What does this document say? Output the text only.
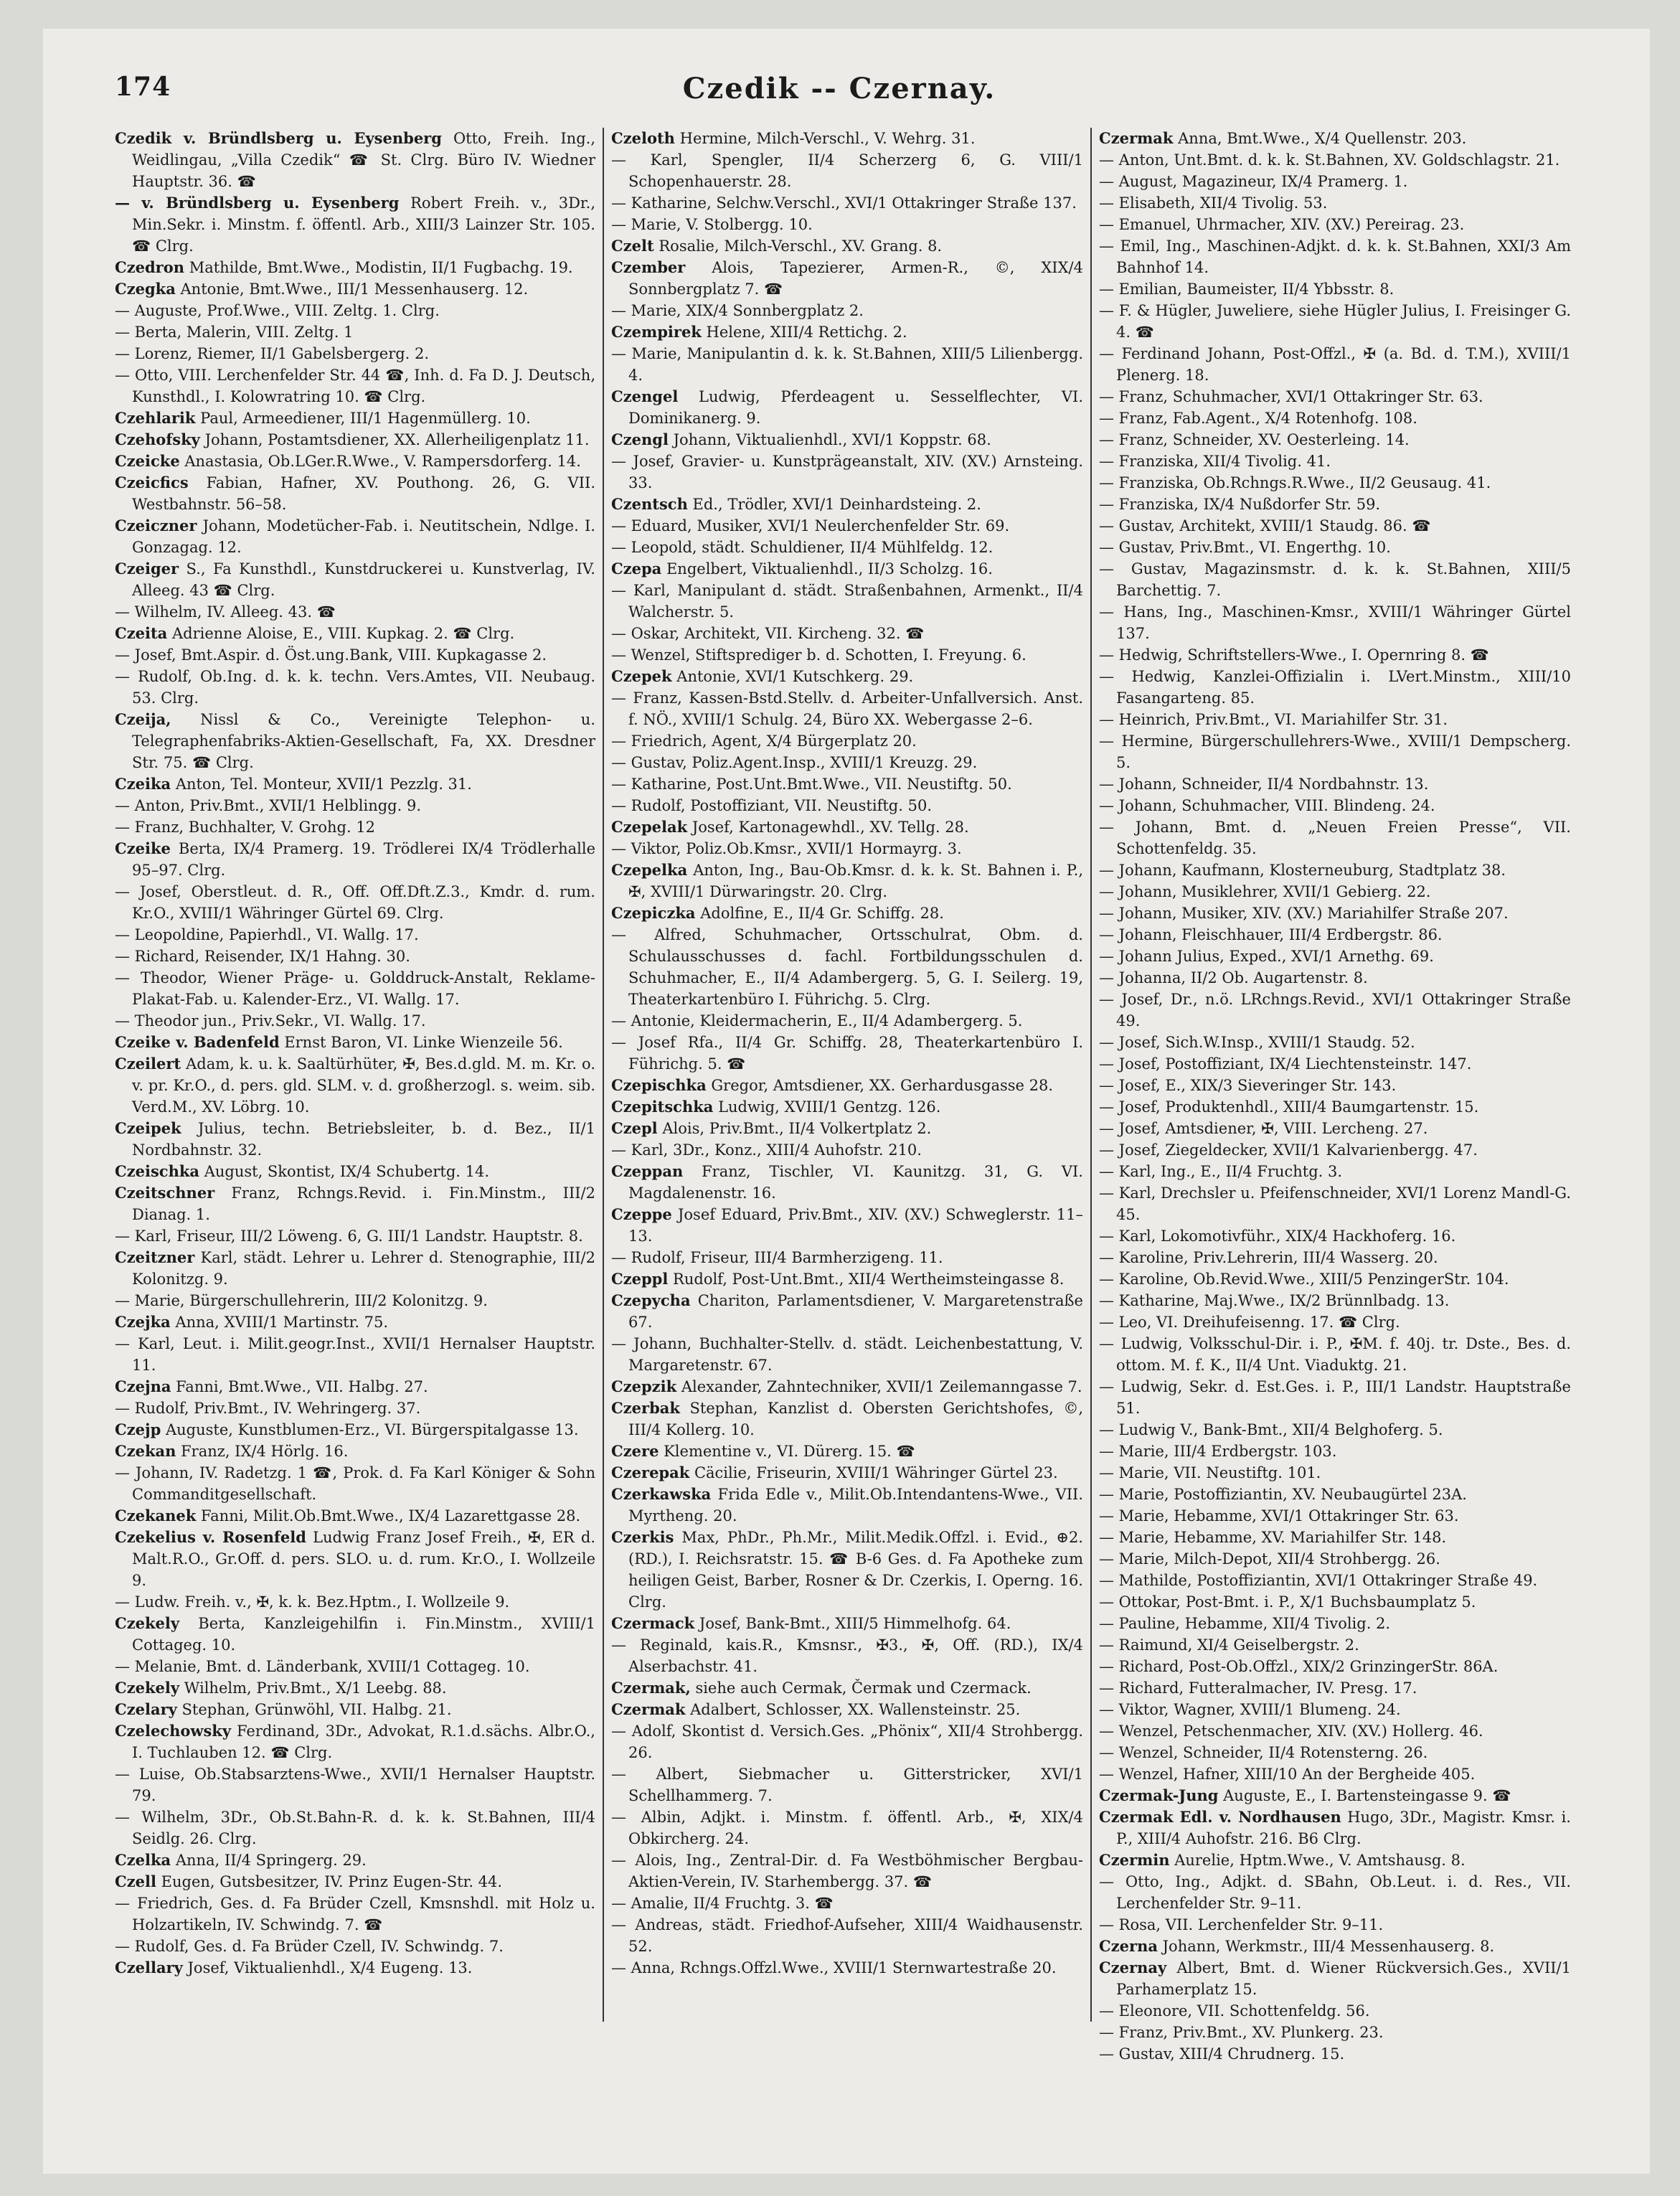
174	Czedik -- Czernay.

Czedik v. Bründlsberg u. Eysenberg Otto, Freih. Ing., Weidlingau, „Villa Czedik“ ☎ St. Clrg. Büro IV. Wiedner Hauptstr. 36. ☎

— v. Bründlsberg u. Eysenberg Robert Freih. v., 3Dr., Min.Sekr. i. Minstm. f. öffentl. Arb., XIII/3 Lainzer Str. 105. ☎ Clrg.

Czedron Mathilde, Bmt.Wwe., Modistin, II/1 Fugbachg. 19.

Czegka Antonie, Bmt.Wwe., III/1 Messenhauserg. 12.

— Auguste, Prof.Wwe., VIII. Zeltg. 1. Clrg.

— Berta, Malerin, VIII. Zeltg. 1

— Lorenz, Riemer, II/1 Gabelsbergerg. 2.

— Otto, VIII. Lerchenfelder Str. 44 ☎, Inh. d. Fa D. J. Deutsch, Kunsthdl., I. Kolowratring 10. ☎ Clrg.

Czehlarik Paul, Armeediener, III/1 Hagenmüllerg. 10.

Czehofsky Johann, Postamtsdiener, XX. Allerheiligenplatz 11.

Czeicke Anastasia, Ob.LGer.R.Wwe., V. Rampersdorferg. 14.

Czeicfics Fabian, Hafner, XV. Pouthong. 26, G. VII. Westbahnstr. 56–58.

Czeiczner Johann, Modetücher-Fab. i. Neutitschein, Ndlge. I. Gonzagag. 12.

Czeiger S., Fa Kunsthdl., Kunstdruckerei u. Kunstverlag, IV. Alleeg. 43 ☎ Clrg.

— Wilhelm, IV. Alleeg. 43. ☎

Czeita Adrienne Aloise, E., VIII. Kupkag. 2. ☎ Clrg.

— Josef, Bmt.Aspir. d. Öst.ung.Bank, VIII. Kupkagasse 2.

— Rudolf, Ob.Ing. d. k. k. techn. Vers.Amtes, VII. Neubaug. 53. Clrg.

Czeija, Nissl & Co., Vereinigte Telephon- u. Telegraphenfabriks-Aktien-Gesellschaft, Fa, XX. Dresdner Str. 75. ☎ Clrg.

Czeika Anton, Tel. Monteur, XVII/1 Pezzlg. 31.

— Anton, Priv.Bmt., XVII/1 Helblingg. 9.

— Franz, Buchhalter, V. Grohg. 12

Czeike Berta, IX/4 Pramerg. 19. Trödlerei IX/4 Trödlerhalle 95–97. Clrg.

— Josef, Oberstleut. d. R., Off. Off.Dft.Z.3., Kmdr. d. rum. Kr.O., XVIII/1 Währinger Gürtel 69. Clrg.

— Leopoldine, Papierhdl., VI. Wallg. 17.

— Richard, Reisender, IX/1 Hahng. 30.

— Theodor, Wiener Präge- u. Golddruck-Anstalt, Reklame-Plakat-Fab. u. Kalender-Erz., VI. Wallg. 17.

— Theodor jun., Priv.Sekr., VI. Wallg. 17.

Czeike v. Badenfeld Ernst Baron, VI. Linke Wienzeile 56.

Czeilert Adam, k. u. k. Saaltürhüter, ✠, Bes.d.gld. M. m. Kr. o. v. pr. Kr.O., d. pers. gld. SLM. v. d. großherzogl. s. weim. sib. Verd.M., XV. Löbrg. 10.

Czeipek Julius, techn. Betriebsleiter, b. d. Bez., II/1 Nordbahnstr. 32.

Czeischka August, Skontist, IX/4 Schubertg. 14.

Czeitschner Franz, Rchngs.Revid. i. Fin.Minstm., III/2 Dianag. 1.

— Karl, Friseur, III/2 Löweng. 6, G. III/1 Landstr. Hauptstr. 8.

Czeitzner Karl, städt. Lehrer u. Lehrer d. Stenographie, III/2 Kolonitzg. 9.

— Marie, Bürgerschullehrerin, III/2 Kolonitzg. 9.

Czejka Anna, XVIII/1 Martinstr. 75.

— Karl, Leut. i. Milit.geogr.Inst., XVII/1 Hernalser Hauptstr. 11.

Czejna Fanni, Bmt.Wwe., VII. Halbg. 27.

— Rudolf, Priv.Bmt., IV. Wehringerg. 37.

Czejp Auguste, Kunstblumen-Erz., VI. Bürgerspitalgasse 13.

Czekan Franz, IX/4 Hörlg. 16.

— Johann, IV. Radetzg. 1 ☎, Prok. d. Fa Karl Königer & Sohn Commanditgesellschaft.

Czekanek Fanni, Milit.Ob.Bmt.Wwe., IX/4 Lazarettgasse 28.

Czekelius v. Rosenfeld Ludwig Franz Josef Freih., ✠, ER d. Malt.R.O., Gr.Off. d. pers. SLO. u. d. rum. Kr.O., I. Wollzeile 9.

— Ludw. Freih. v., ✠, k. k. Bez.Hptm., I. Wollzeile 9.

Czekely Berta, Kanzleigehilfin i. Fin.Minstm., XVIII/1 Cottageg. 10.

— Melanie, Bmt. d. Länderbank, XVIII/1 Cottageg. 10.

Czekely Wilhelm, Priv.Bmt., X/1 Leebg. 88.

Czelary Stephan, Grünwöhl, VII. Halbg. 21.

Czelechowsky Ferdinand, 3Dr., Advokat, R.1.d.sächs. Albr.O., I. Tuchlauben 12. ☎ Clrg.

— Luise, Ob.Stabsarztens-Wwe., XVII/1 Hernalser Hauptstr. 79.

— Wilhelm, 3Dr., Ob.St.Bahn-R. d. k. k. St.Bahnen, III/4 Seidlg. 26. Clrg.

Czelka Anna, II/4 Springerg. 29.

Czell Eugen, Gutsbesitzer, IV. Prinz Eugen-Str. 44.

— Friedrich, Ges. d. Fa Brüder Czell, Kmsnshdl. mit Holz u. Holzartikeln, IV. Schwindg. 7. ☎

— Rudolf, Ges. d. Fa Brüder Czell, IV. Schwindg. 7.

Czellary Josef, Viktualienhdl., X/4 Eugeng. 13.

Czeloth Hermine, Milch-Verschl., V. Wehrg. 31.

— Karl, Spengler, II/4 Scherzerg 6, G. VIII/1 Schopenhauerstr. 28.

— Katharine, Selchw.Verschl., XVI/1 Ottakringer Straße 137.

— Marie, V. Stolbergg. 10.

Czelt Rosalie, Milch-Verschl., XV. Grang. 8.

Czember Alois, Tapezierer, Armen-R., ©, XIX/4 Sonnbergplatz 7. ☎

— Marie, XIX/4 Sonnbergplatz 2.

Czempirek Helene, XIII/4 Rettichg. 2.

— Marie, Manipulantin d. k. k. St.Bahnen, XIII/5 Lilienbergg. 4.

Czengel Ludwig, Pferdeagent u. Sesselflechter, VI. Dominikanerg. 9.

Czengl Johann, Viktualienhdl., XVI/1 Koppstr. 68.

— Josef, Gravier- u. Kunstprägeanstalt, XIV. (XV.) Arnsteing. 33.

Czentsch Ed., Trödler, XVI/1 Deinhardsteing. 2.

— Eduard, Musiker, XVI/1 Neulerchenfelder Str. 69.

— Leopold, städt. Schuldiener, II/4 Mühlfeldg. 12.

Czepa Engelbert, Viktualienhdl., II/3 Scholzg. 16.

— Karl, Manipulant d. städt. Straßenbahnen, Armenkt., II/4 Walcherstr. 5.

— Oskar, Architekt, VII. Kircheng. 32. ☎

— Wenzel, Stiftsprediger b. d. Schotten, I. Freyung. 6.

Czepek Antonie, XVI/1 Kutschkerg. 29.

— Franz, Kassen-Bstd.Stellv. d. Arbeiter-Unfallversich. Anst. f. NÖ., XVIII/1 Schulg. 24, Büro XX. Webergasse 2–6.

— Friedrich, Agent, X/4 Bürgerplatz 20.

— Gustav, Poliz.Agent.Insp., XVIII/1 Kreuzg. 29.

— Katharine, Post.Unt.Bmt.Wwe., VII. Neustiftg. 50.

— Rudolf, Postoffiziant, VII. Neustiftg. 50.

Czepelak Josef, Kartonagewhdl., XV. Tellg. 28.

— Viktor, Poliz.Ob.Kmsr., XVII/1 Hormayrg. 3.

Czepelka Anton, Ing., Bau-Ob.Kmsr. d. k. k. St. Bahnen i. P., ✠, XVIII/1 Dürwaringstr. 20. Clrg.

Czepiczka Adolfine, E., II/4 Gr. Schiffg. 28.

— Alfred, Schuhmacher, Ortsschulrat, Obm. d. Schulausschusses d. fachl. Fortbildungsschulen d. Schuhmacher, E., II/4 Adambergerg. 5, G. I. Seilerg. 19, Theaterkartenbüro I. Führichg. 5. Clrg.

— Antonie, Kleidermacherin, E., II/4 Adambergerg. 5.

— Josef Rfa., II/4 Gr. Schiffg. 28, Theaterkartenbüro I. Führichg. 5. ☎

Czepischka Gregor, Amtsdiener, XX. Gerhardusgasse 28.

Czepitschka Ludwig, XVIII/1 Gentzg. 126.

Czepl Alois, Priv.Bmt., II/4 Volkertplatz 2.

— Karl, 3Dr., Konz., XIII/4 Auhofstr. 210.

Czeppan Franz, Tischler, VI. Kaunitzg. 31, G. VI. Magdalenenstr. 16.

Czeppe Josef Eduard, Priv.Bmt., XIV. (XV.) Schweglerstr. 11–13.

— Rudolf, Friseur, III/4 Barmherzigeng. 11.

Czeppl Rudolf, Post-Unt.Bmt., XII/4 Wertheimsteingasse 8.

Czepycha Chariton, Parlamentsdiener, V. Margaretenstraße 67.

— Johann, Buchhalter-Stellv. d. städt. Leichenbestattung, V. Margaretenstr. 67.

Czepzik Alexander, Zahntechniker, XVII/1 Zeilemanngasse 7.

Czerbak Stephan, Kanzlist d. Obersten Gerichtshofes, ©, III/4 Kollerg. 10.

Czere Klementine v., VI. Dürerg. 15. ☎

Czerepak Cäcilie, Friseurin, XVIII/1 Währinger Gürtel 23.

Czerkawska Frida Edle v., Milit.Ob.Intendantens-Wwe., VII. Myrtheng. 20.

Czerkis Max, PhDr., Ph.Mr., Milit.Medik.Offzl. i. Evid., ⊕2. (RD.), I. Reichsratstr. 15. ☎ B-6 Ges. d. Fa Apotheke zum heiligen Geist, Barber, Rosner & Dr. Czerkis, I. Operng. 16. Clrg.

Czermack Josef, Bank-Bmt., XIII/5 Himmelhofg. 64.

— Reginald, kais.R., Kmsnsr., ✠3., ✠, Off. (RD.), IX/4 Alserbachstr. 41.

Czermak, siehe auch Cermak, Čermak und Czermack.

Czermak Adalbert, Schlosser, XX. Wallensteinstr. 25.

— Adolf, Skontist d. Versich.Ges. „Phönix“, XII/4 Strohbergg. 26.

— Albert, Siebmacher u. Gitterstricker, XVI/1 Schellhammerg. 7.

— Albin, Adjkt. i. Minstm. f. öffentl. Arb., ✠, XIX/4 Obkircherg. 24.

— Alois, Ing., Zentral-Dir. d. Fa Westböhmischer Bergbau-Aktien-Verein, IV. Starhembergg. 37. ☎

— Amalie, II/4 Fruchtg. 3. ☎

— Andreas, städt. Friedhof-Aufseher, XIII/4 Waidhausenstr. 52.

— Anna, Rchngs.Offzl.Wwe., XVIII/1 Sternwartestraße 20.

Czermak Anna, Bmt.Wwe., X/4 Quellenstr. 203.

— Anton, Unt.Bmt. d. k. k. St.Bahnen, XV. Goldschlagstr. 21.

— August, Magazineur, IX/4 Pramerg. 1.

— Elisabeth, XII/4 Tivolig. 53.

— Emanuel, Uhrmacher, XIV. (XV.) Pereirag. 23.

— Emil, Ing., Maschinen-Adjkt. d. k. k. St.Bahnen, XXI/3 Am Bahnhof 14.

— Emilian, Baumeister, II/4 Ybbsstr. 8.

— F. & Hügler, Juweliere, siehe Hügler Julius, I. Freisinger G. 4. ☎

— Ferdinand Johann, Post-Offzl., ✠ (a. Bd. d. T.M.), XVIII/1 Plenerg. 18.

— Franz, Schuhmacher, XVI/1 Ottakringer Str. 63.

— Franz, Fab.Agent., X/4 Rotenhofg. 108.

— Franz, Schneider, XV. Oesterleing. 14.

— Franziska, XII/4 Tivolig. 41.

— Franziska, Ob.Rchngs.R.Wwe., II/2 Geusaug. 41.

— Franziska, IX/4 Nußdorfer Str. 59.

— Gustav, Architekt, XVIII/1 Staudg. 86. ☎

— Gustav, Priv.Bmt., VI. Engerthg. 10.

— Gustav, Magazinsmstr. d. k. k. St.Bahnen, XIII/5 Barchettig. 7.

— Hans, Ing., Maschinen-Kmsr., XVIII/1 Währinger Gürtel 137.

— Hedwig, Schriftstellers-Wwe., I. Opernring 8. ☎

— Hedwig, Kanzlei-Offizialin i. LVert.Minstm., XIII/10 Fasangarteng. 85.

— Heinrich, Priv.Bmt., VI. Mariahilfer Str. 31.

— Hermine, Bürgerschullehrers-Wwe., XVIII/1 Dempscherg. 5.

— Johann, Schneider, II/4 Nordbahnstr. 13.

— Johann, Schuhmacher, VIII. Blindeng. 24.

— Johann, Bmt. d. „Neuen Freien Presse“, VII. Schottenfeldg. 35.

— Johann, Kaufmann, Klosterneuburg, Stadtplatz 38.

— Johann, Musiklehrer, XVII/1 Gebierg. 22.

— Johann, Musiker, XIV. (XV.) Mariahilfer Straße 207.

— Johann, Fleischhauer, III/4 Erdbergstr. 86.

— Johann Julius, Exped., XVI/1 Arnethg. 69.

— Johanna, II/2 Ob. Augartenstr. 8.

— Josef, Dr., n.ö. LRchngs.Revid., XVI/1 Ottakringer Straße 49.

— Josef, Sich.W.Insp., XVIII/1 Staudg. 52.

— Josef, Postoffiziant, IX/4 Liechtensteinstr. 147.

— Josef, E., XIX/3 Sieveringer Str. 143.

— Josef, Produktenhdl., XIII/4 Baumgartenstr. 15.

— Josef, Amtsdiener, ✠, VIII. Lercheng. 27.

— Josef, Ziegeldecker, XVII/1 Kalvarienbergg. 47.

— Karl, Ing., E., II/4 Fruchtg. 3.

— Karl, Drechsler u. Pfeifenschneider, XVI/1 Lorenz Mandl-G. 45.

— Karl, Lokomotivführ., XIX/4 Hackhoferg. 16.

— Karoline, Priv.Lehrerin, III/4 Wasserg. 20.

— Karoline, Ob.Revid.Wwe., XIII/5 PenzingerStr. 104.

— Katharine, Maj.Wwe., IX/2 Brünnlbadg. 13.

— Leo, VI. Dreihufeisenng. 17. ☎ Clrg.

— Ludwig, Volksschul-Dir. i. P., ✠M. f. 40j. tr. Dste., Bes. d. ottom. M. f. K., II/4 Unt. Viaduktg. 21.

— Ludwig, Sekr. d. Est.Ges. i. P., III/1 Landstr. Hauptstraße 51.

— Ludwig V., Bank-Bmt., XII/4 Belghoferg. 5.

— Marie, III/4 Erdbergstr. 103.

— Marie, VII. Neustiftg. 101.

— Marie, Postoffiziantin, XV. Neubaugürtel 23A.

— Marie, Hebamme, XVI/1 Ottakringer Str. 63.

— Marie, Hebamme, XV. Mariahilfer Str. 148.

— Marie, Milch-Depot, XII/4 Strohbergg. 26.

— Mathilde, Postoffiziantin, XVI/1 Ottakringer Straße 49.

— Ottokar, Post-Bmt. i. P., X/1 Buchsbaumplatz 5.

— Pauline, Hebamme, XII/4 Tivolig. 2.

— Raimund, XI/4 Geiselbergstr. 2.

— Richard, Post-Ob.Offzl., XIX/2 GrinzingerStr. 86A.

— Richard, Futteralmacher, IV. Presg. 17.

— Viktor, Wagner, XVIII/1 Blumeng. 24.

— Wenzel, Petschenmacher, XIV. (XV.) Hollerg. 46.

— Wenzel, Schneider, II/4 Rotensterng. 26.

— Wenzel, Hafner, XIII/10 An der Bergheide 405.

Czermak-Jung Auguste, E., I. Bartensteingasse 9. ☎

Czermak Edl. v. Nordhausen Hugo, 3Dr., Magistr. Kmsr. i. P., XIII/4 Auhofstr. 216. B6 Clrg.

Czermin Aurelie, Hptm.Wwe., V. Amtshausg. 8.

— Otto, Ing., Adjkt. d. SBahn, Ob.Leut. i. d. Res., VII. Lerchenfelder Str. 9–11.

— Rosa, VII. Lerchenfelder Str. 9–11.

Czerna Johann, Werkmstr., III/4 Messenhauserg. 8.

Czernay Albert, Bmt. d. Wiener Rückversich.Ges., XVII/1 Parhamerplatz 15.

— Eleonore, VII. Schottenfeldg. 56.

— Franz, Priv.Bmt., XV. Plunkerg. 23.

— Gustav, XIII/4 Chrudnerg. 15.
